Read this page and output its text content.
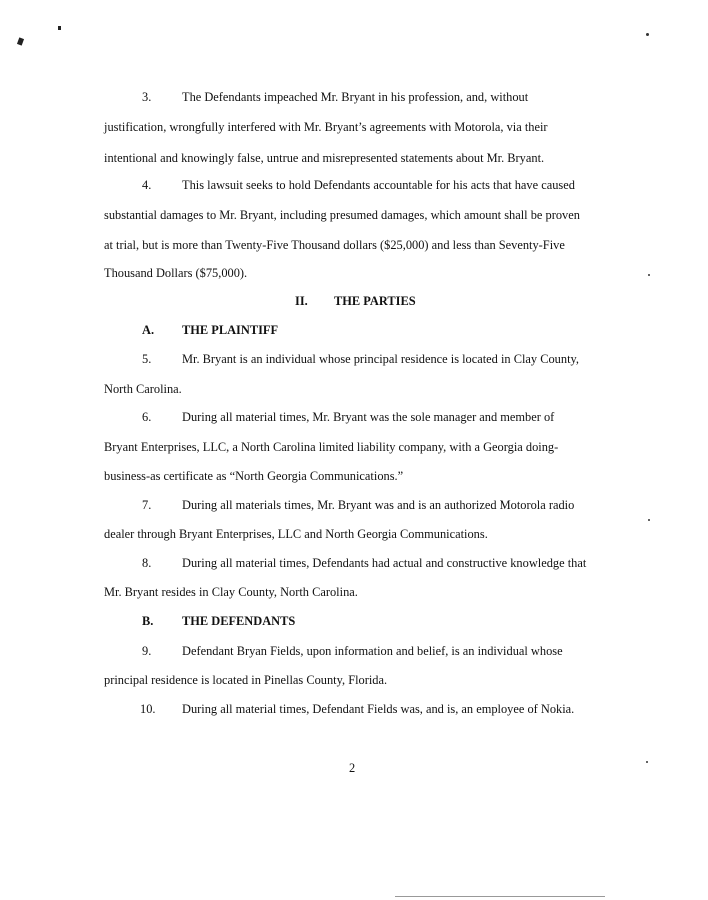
3. The Defendants impeached Mr. Bryant in his profession, and, without
justification, wrongfully interfered with Mr. Bryant’s agreements with Motorola, via their
intentional and knowingly false, untrue and misrepresented statements about Mr. Bryant.
4. This lawsuit seeks to hold Defendants accountable for his acts that have caused
substantial damages to Mr. Bryant, including presumed damages, which amount shall be proven
at trial, but is more than Twenty-Five Thousand dollars ($25,000) and less than Seventy-Five
Thousand Dollars ($75,000).
II. THE PARTIES
A. THE PLAINTIFF
5. Mr. Bryant is an individual whose principal residence is located in Clay County,
North Carolina.
6. During all material times, Mr. Bryant was the sole manager and member of
Bryant Enterprises, LLC, a North Carolina limited liability company, with a Georgia doing-
business-as certificate as “North Georgia Communications.”
7. During all materials times, Mr. Bryant was and is an authorized Motorola radio
dealer through Bryant Enterprises, LLC and North Georgia Communications.
8. During all material times, Defendants had actual and constructive knowledge that
Mr. Bryant resides in Clay County, North Carolina.
B. THE DEFENDANTS
9. Defendant Bryan Fields, upon information and belief, is an individual whose
principal residence is located in Pinellas County, Florida.
10. During all material times, Defendant Fields was, and is, an employee of Nokia.
2
